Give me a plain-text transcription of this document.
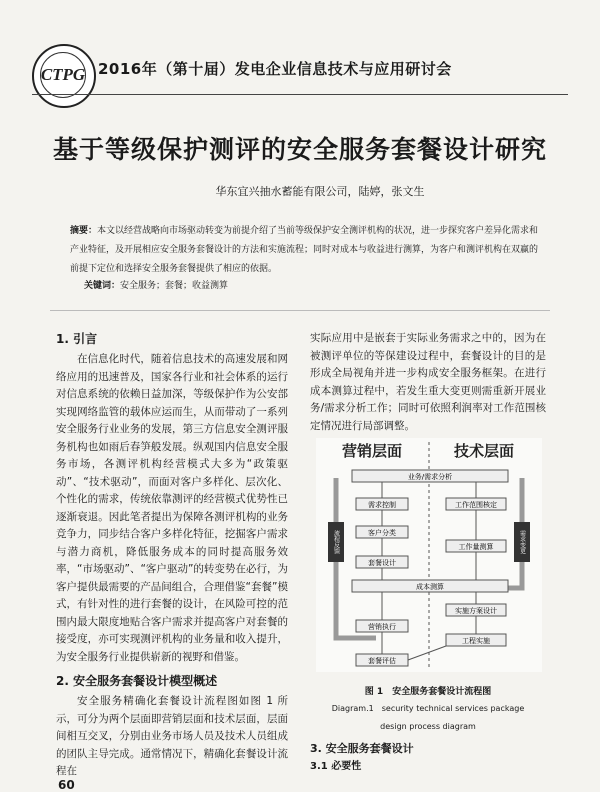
CTPG 2016年（第十届）发电企业信息技术与应用研讨会
基于等级保护测评的安全服务套餐设计研究
华东宜兴抽水蓄能有限公司，陆婷，张文生
摘要：本文以经营战略向市场驱动转变为前提介绍了当前等级保护安全测评机构的状况，进一步探究客户差异化需求和产业特征，及开展相应安全服务套餐设计的方法和实施流程；同时对成本与收益进行测算，为客户和测评机构在双赢的前提下定位和选择安全服务套餐提供了相应的依据。
关键词：安全服务；套餐；收益测算
1. 引言

在信息化时代，随着信息技术的高速发展和网络应用的迅速普及，国家各行业和社会体系的运行对信息系统的依赖日益加深，等级保护作为公安部实现网络监管的载体应运而生，从而带动了一系列安全服务行业业务的发展，第三方信息安全测评服务机构也如雨后春笋般发展。纵观国内信息安全服务市场，各测评机构经营模式大多为“政策驱动”、“技术驱动”，而面对客户多样化、层次化、个性化的需求，传统依靠测评的经营模式优势性已逐渐衰退。因此笔者提出为保障各测评机构的业务竞争力，同步结合客户多样化特征，挖掘客户需求与潜力商机，降低服务成本的同时提高服务效率，“市场驱动”、“客户驱动”的转变势在必行，为客户提供最需要的产品间组合，合理借鉴“套餐”模式，有针对性的进行套餐的设计，在风险可控的范围内最大限度地贴合客户需求并提高客户对套餐的接受度，亦可实现测评机构的业务量和收入提升，为安全服务行业提供崭新的视野和借鉴。

2. 安全服务套餐设计模型概述

安全服务精确化套餐设计流程图如图 1 所示，可分为两个层面即营销层面和技术层面，层面间相互交叉，分别由业务市场人员及技术人员组成的团队主导完成。通常情况下，精确化套餐设计流程在

实际应用中是嵌套于实际业务需求之中的，因为在被测评单位的等保建设过程中，套餐设计的目的是形成全局视角并进一步构成安全服务框架。在进行成本测算过程中，若发生重大变更则需重新开展业务/需求分析工作；同时可依照利润率对工作范围核定情况进行局部调整。

营销层面	技术层面
流程反馈	需求变更
业务/需求分析
需求控制	工作范围核定
客户分类
工作量测算
套餐设计
成本测算
实施方案设计
营销执行
工程实施
套餐评估
图 1　安全服务套餐设计流程图
Diagram.1　security technical services package
design process diagram
3. 安全服务套餐设计
3.1 必要性
60
